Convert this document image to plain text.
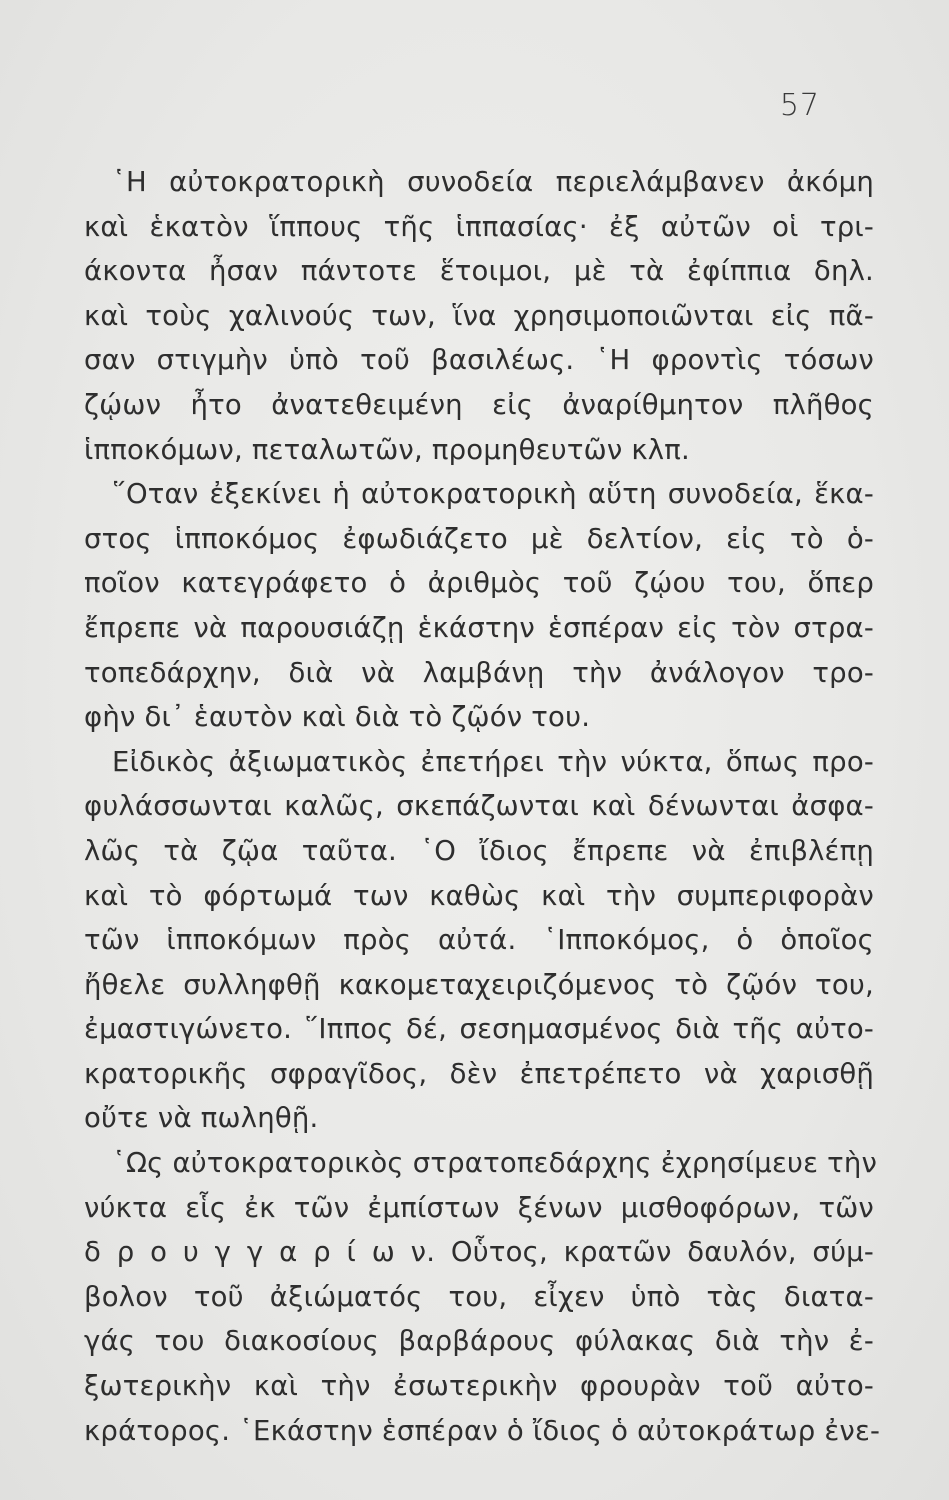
57
῾Η αὐτοκρατορικὴ συνοδεία περιελάμβανεν ἀκόμη
καὶ ἑκατὸν ἵππους τῆς ἱππασίας· ἐξ αὐτῶν οἱ τρι-
άκοντα ἦσαν πάντοτε ἕτοιμοι, μὲ τὰ ἐφίππια δηλ.
καὶ τοὺς χαλινούς των, ἵνα χρησιμοποιῶνται εἰς πᾶ-
σαν στιγμὴν ὑπὸ τοῦ βασιλέως. ῾Η φροντὶς τόσων
ζῴων ἦτο ἀνατεθειμένη εἰς ἀναρίθμητον πλῆθος
ἱπποκόμων, πεταλωτῶν, προμηθευτῶν κλπ.
῞Οταν ἐξεκίνει ἡ αὐτοκρατορικὴ αὕτη συνοδεία, ἕκα-
στος ἱπποκόμος ἐφωδιάζετο μὲ δελτίον, εἰς τὸ ὁ-
ποῖον κατεγράφετο ὁ ἀριθμὸς τοῦ ζῴου του, ὅπερ
ἔπρεπε νὰ παρουσιάζῃ ἑκάστην ἑσπέραν εἰς τὸν στρα-
τοπεδάρχην, διὰ νὰ λαμβάνῃ τὴν ἀνάλογον τρο-
φὴν δι᾿ ἑαυτὸν καὶ διὰ τὸ ζῷόν του.
Εἰδικὸς ἀξιωματικὸς ἐπετήρει τὴν νύκτα, ὅπως προ-
φυλάσσωνται καλῶς, σκεπάζωνται καὶ δένωνται ἀσφα-
λῶς τὰ ζῷα ταῦτα. ῾Ο ἴδιος ἔπρεπε νὰ ἐπιβλέπῃ
καὶ τὸ φόρτωμά των καθὼς καὶ τὴν συμπεριφορὰν
τῶν ἱπποκόμων πρὸς αὐτά. ῾Ιπποκόμος, ὁ ὁποῖος
ἤθελε συλληφθῇ κακομεταχειριζόμενος τὸ ζῷόν του,
ἐμαστιγώνετο. ῞Ιππος δέ, σεσημασμένος διὰ τῆς αὐτο-
κρατορικῆς σφραγῖδος, δὲν ἐπετρέπετο νὰ χαρισθῇ
οὔτε νὰ πωληθῇ.
῾Ως αὐτοκρατορικὸς στρατοπεδάρχης ἐχρησίμευε τὴν
νύκτα εἷς ἐκ τῶν ἐμπίστων ξένων μισθοφόρων, τῶν
δ ρ ο υ γ γ α ρ ί ω ν. Οὗτος, κρατῶν δαυλόν, σύμ-
βολον τοῦ ἀξιώματός του, εἶχεν ὑπὸ τὰς διατα-
γάς του διακοσίους βαρβάρους φύλακας διὰ τὴν ἐ-
ξωτερικὴν καὶ τὴν ἐσωτερικὴν φρουρὰν τοῦ αὐτο-
κράτορος. ῾Εκάστην ἑσπέραν ὁ ἴδιος ὁ αὐτοκράτωρ ἐνε-
